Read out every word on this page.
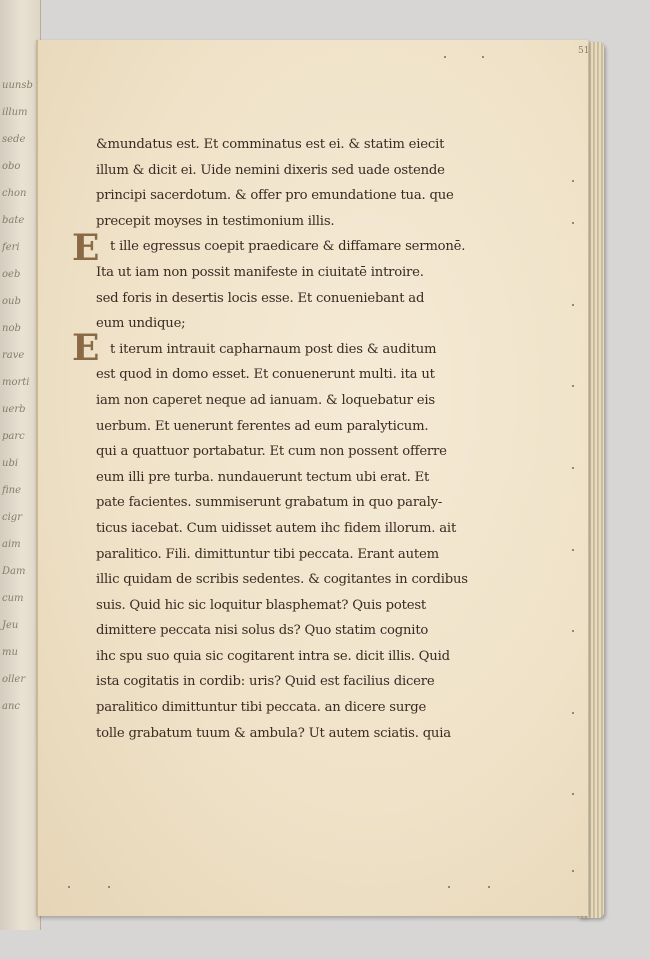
uunsb
illum
sede
obo
chon
bate
feri
oeb
oub
nob
rave
morti
uerb
parc
ubi
fine
cigr
aim
Dam
cum
Jeu
mu
oller
anc
51
E
E
&mundatus est. Et comminatus est ei. & statim eiecit
illum & dicit ei. Uide nemini dixeris sed uade ostende
principi sacerdotum. & offer pro emundatione tua. que
precepit moyses in testimonium illis.
t ille egressus coepit praedicare & diffamare sermonē.
Ita ut iam non possit manifeste in ciuitatē introire.
sed foris in desertis locis esse. Et conueniebant ad
eum undique;
t iterum intrauit capharnaum post dies & auditum
est quod in domo esset. Et conuenerunt multi. ita ut
iam non caperet neque ad ianuam. & loquebatur eis
uerbum. Et uenerunt ferentes ad eum paralyticum.
qui a quattuor portabatur. Et cum non possent offerre
eum illi pre turba. nundauerunt tectum ubi erat. Et
pate facientes. summiserunt grabatum in quo paraly-
ticus iacebat. Cum uidisset autem ihc fidem illorum. ait
paralitico. Fili. dimittuntur tibi peccata. Erant autem
illic quidam de scribis sedentes. & cogitantes in cordibus
suis. Quid hic sic loquitur blasphemat? Quis potest
dimittere peccata nisi solus ds? Quo statim cognito
ihc spu suo quia sic cogitarent intra se. dicit illis. Quid
ista cogitatis in cordib: uris? Quid est facilius dicere
paralitico dimittuntur tibi peccata. an dicere surge
tolle grabatum tuum & ambula? Ut autem sciatis. quia
